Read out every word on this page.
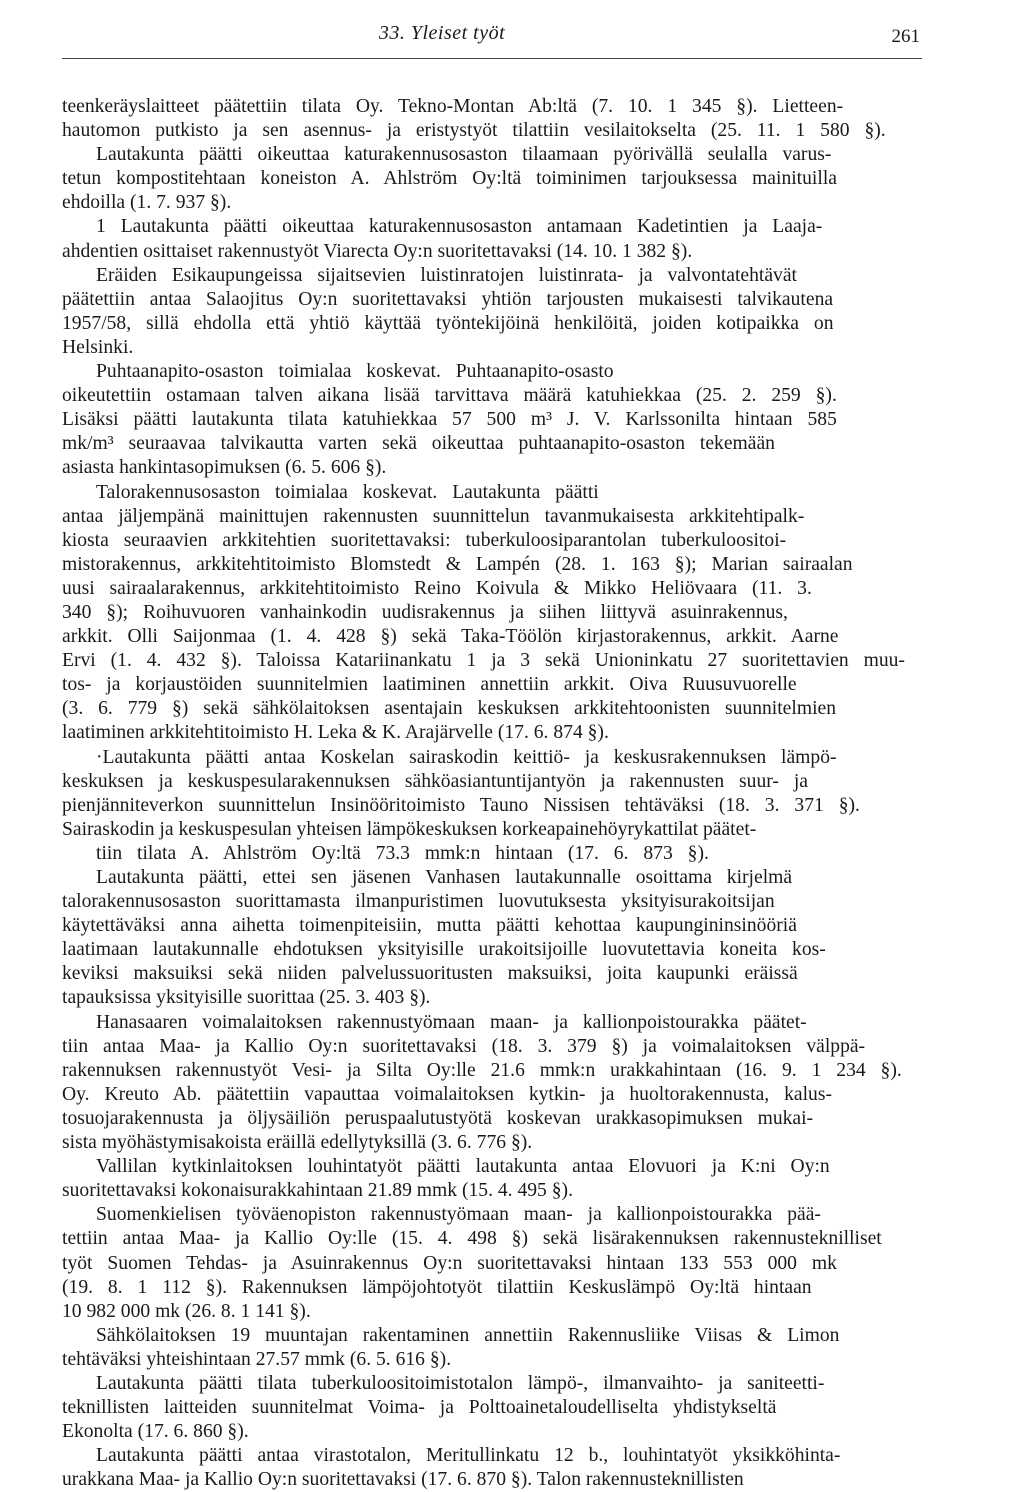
33. Yleiset työt	261
teenkeräyslaitteet päätettiin tilata Oy. Tekno-Montan Ab:ltä (7. 10. 1 345 §). Lietteen-
hautomon putkisto ja sen asennus- ja eristystyöt tilattiin vesilaitokselta (25. 11. 1 580 §).
Lautakunta päätti oikeuttaa katurakennusosaston tilaamaan pyörivällä seulalla varus-
tetun kompostitehtaan koneiston A. Ahlström Oy:ltä toiminimen tarjouksessa mainituilla
ehdoilla (1. 7. 937 §).
1 Lautakunta päätti oikeuttaa katurakennusosaston antamaan Kadetintien ja Laaja-
ahdentien osittaiset rakennustyöt Viarecta Oy:n suoritettavaksi (14. 10. 1 382 §).
Eräiden Esikaupungeissa sijaitsevien luistinratojen luistinrata- ja valvontatehtävät
päätettiin antaa Salaojitus Oy:n suoritettavaksi yhtiön tarjousten mukaisesti talvikautena
1957/58, sillä ehdolla että yhtiö käyttää työntekijöinä henkilöitä, joiden kotipaikka on
Helsinki.
Puhtaanapito-osaston toimialaa koskevat. Puhtaanapito-osasto
oikeutettiin ostamaan talven aikana lisää tarvittava määrä katuhiekkaa (25. 2. 259 §).
Lisäksi päätti lautakunta tilata katuhiekkaa 57 500 m³ J. V. Karlssonilta hintaan 585
mk/m³ seuraavaa talvikautta varten sekä oikeuttaa puhtaanapito-osaston tekemään
asiasta hankintasopimuksen (6. 5. 606 §).
Talorakennusosaston toimialaa koskevat. Lautakunta päätti
antaa jäljempänä mainittujen rakennusten suunnittelun tavanmukaisesta arkkitehtipalk-
kiosta seuraavien arkkitehtien suoritettavaksi: tuberkuloosiparantolan tuberkuloositoi-
mistorakennus, arkkitehtitoimisto Blomstedt & Lampén (28. 1. 163 §); Marian sairaalan
uusi sairaalarakennus, arkkitehtitoimisto Reino Koivula & Mikko Heliövaara (11. 3.
340 §); Roihuvuoren vanhainkodin uudisrakennus ja siihen liittyvä asuinrakennus,
arkkit. Olli Saijonmaa (1. 4. 428 §) sekä Taka-Töölön kirjastorakennus, arkkit. Aarne
Ervi (1. 4. 432 §). Taloissa Katariinankatu 1 ja 3 sekä Unioninkatu 27 suoritettavien muu-
tos- ja korjaustöiden suunnitelmien laatiminen annettiin arkkit. Oiva Ruusuvuorelle
(3. 6. 779 §) sekä sähkölaitoksen asentajain keskuksen arkkitehtoonisten suunnitelmien
laatiminen arkkitehtitoimisto H. Leka & K. Arajärvelle (17. 6. 874 §).
·Lautakunta päätti antaa Koskelan sairaskodin keittiö- ja keskusrakennuksen lämpö-
keskuksen ja keskuspesularakennuksen sähköasiantuntijantyön ja rakennusten suur- ja
pienjänniteverkon suunnittelun Insinööritoimisto Tauno Nissisen tehtäväksi (18. 3. 371 §).
Sairaskodin ja keskuspesulan yhteisen lämpökeskuksen korkeapainehöyrykattilat päätet-
tiin tilata A. Ahlström Oy:ltä 73.3 mmk:n hintaan (17. 6. 873 §).
Lautakunta päätti, ettei sen jäsenen Vanhasen lautakunnalle osoittama kirjelmä
talorakennusosaston suorittamasta ilmanpuristimen luovutuksesta yksityisurakoitsijan
käytettäväksi anna aihetta toimenpiteisiin, mutta päätti kehottaa kaupungininsinööriä
laatimaan lautakunnalle ehdotuksen yksityisille urakoitsijoille luovutettavia koneita kos-
keviksi maksuiksi sekä niiden palvelussuoritusten maksuiksi, joita kaupunki eräissä
tapauksissa yksityisille suorittaa (25. 3. 403 §).
Hanasaaren voimalaitoksen rakennustyömaan maan- ja kallionpoistourakka päätet-
tiin antaa Maa- ja Kallio Oy:n suoritettavaksi (18. 3. 379 §) ja voimalaitoksen välppä-
rakennuksen rakennustyöt Vesi- ja Silta Oy:lle 21.6 mmk:n urakkahintaan (16. 9. 1 234 §).
Oy. Kreuto Ab. päätettiin vapauttaa voimalaitoksen kytkin- ja huoltorakennusta, kalus-
tosuojarakennusta ja öljysäiliön peruspaalutustyötä koskevan urakkasopimuksen mukai-
sista myöhästymisakoista eräillä edellytyksillä (3. 6. 776 §).
Vallilan kytkinlaitoksen louhintatyöt päätti lautakunta antaa Elovuori ja K:ni Oy:n
suoritettavaksi kokonaisurakkahintaan 21.89 mmk (15. 4. 495 §).
Suomenkielisen työväenopiston rakennustyömaan maan- ja kallionpoistourakka pää-
tettiin antaa Maa- ja Kallio Oy:lle (15. 4. 498 §) sekä lisärakennuksen rakennusteknilliset
työt Suomen Tehdas- ja Asuinrakennus Oy:n suoritettavaksi hintaan 133 553 000 mk
(19. 8. 1 112 §). Rakennuksen lämpöjohtotyöt tilattiin Keskuslämpö Oy:ltä hintaan
10 982 000 mk (26. 8. 1 141 §).
Sähkölaitoksen 19 muuntajan rakentaminen annettiin Rakennusliike Viisas & Limon
tehtäväksi yhteishintaan 27.57 mmk (6. 5. 616 §).
Lautakunta päätti tilata tuberkuloositoimistotalon lämpö-, ilmanvaihto- ja saniteetti-
teknillisten laitteiden suunnitelmat Voima- ja Polttoainetaloudelliselta yhdistykseltä
Ekonolta (17. 6. 860 §).
Lautakunta päätti antaa virastotalon, Meritullinkatu 12 b., louhintatyöt yksikköhinta-
urakkana Maa- ja Kallio Oy:n suoritettavaksi (17. 6. 870 §). Talon rakennusteknillisten
